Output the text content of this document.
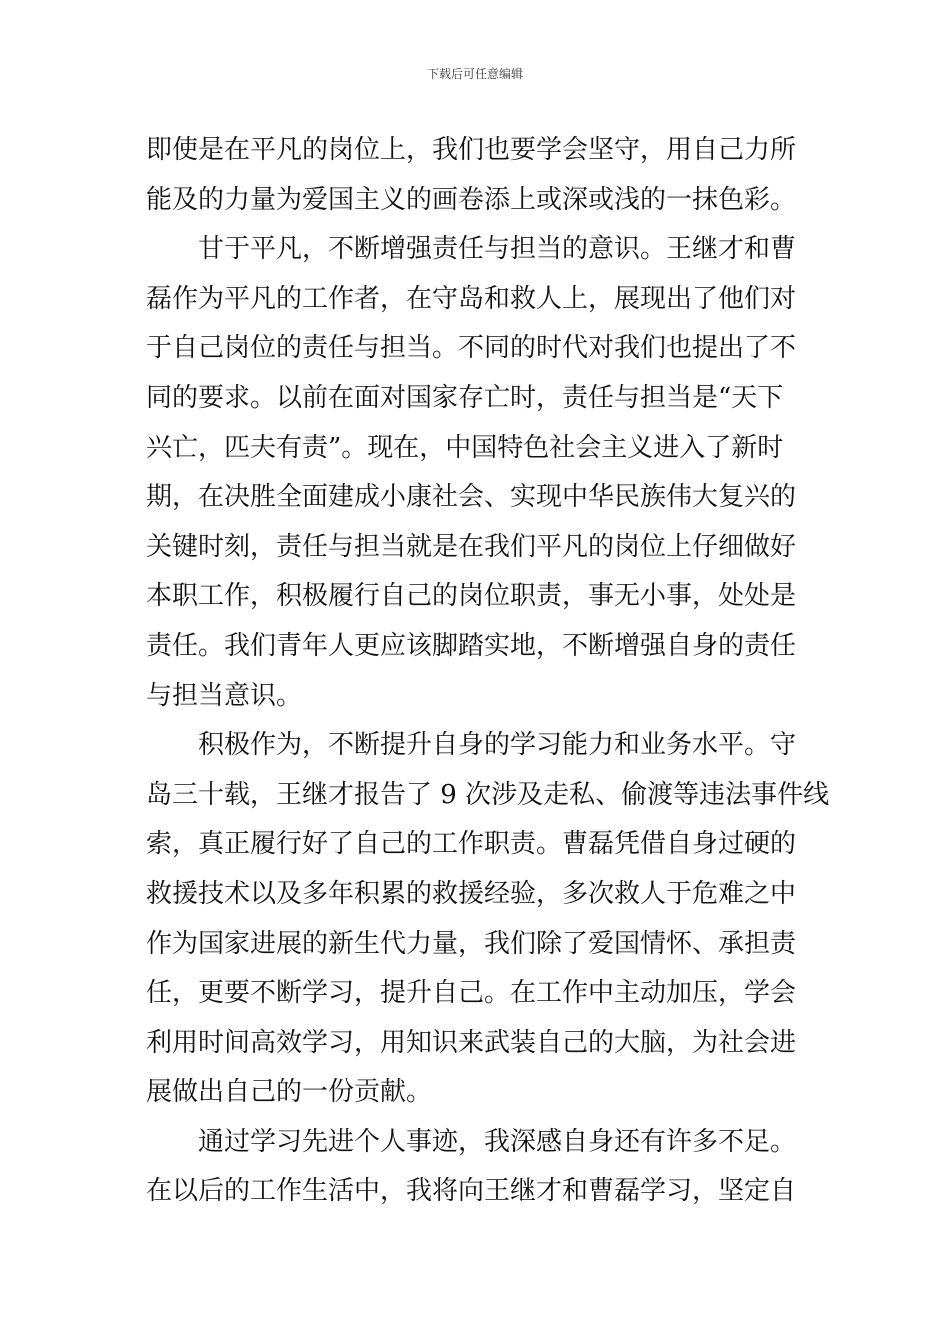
下载后可任意编辑
即使是在平凡的岗位上，我们也要学会坚守，用自己力所
能及的力量为爱国主义的画卷添上或深或浅的一抹色彩。
　　甘于平凡，不断增强责任与担当的意识。王继才和曹
磊作为平凡的工作者，在守岛和救人上，展现出了他们对
于自己岗位的责任与担当。不同的时代对我们也提出了不
同的要求。以前在面对国家存亡时，责任与担当是“天下
兴亡，匹夫有责”。现在，中国特色社会主义进入了新时
期，在决胜全面建成小康社会、实现中华民族伟大复兴的
关键时刻，责任与担当就是在我们平凡的岗位上仔细做好
本职工作，积极履行自己的岗位职责，事无小事，处处是
责任。我们青年人更应该脚踏实地，不断增强自身的责任
与担当意识。
　　积极作为，不断提升自身的学习能力和业务水平。守
岛三十载，王继才报告了 9 次涉及走私、偷渡等违法事件线
索，真正履行好了自己的工作职责。曹磊凭借自身过硬的
救援技术以及多年积累的救援经验，多次救人于危难之中
作为国家进展的新生代力量，我们除了爱国情怀、承担责
任，更要不断学习，提升自己。在工作中主动加压，学会
利用时间高效学习，用知识来武装自己的大脑，为社会进
展做出自己的一份贡献。
　　通过学习先进个人事迹，我深感自身还有许多不足。
在以后的工作生活中，我将向王继才和曹磊学习，坚定自
